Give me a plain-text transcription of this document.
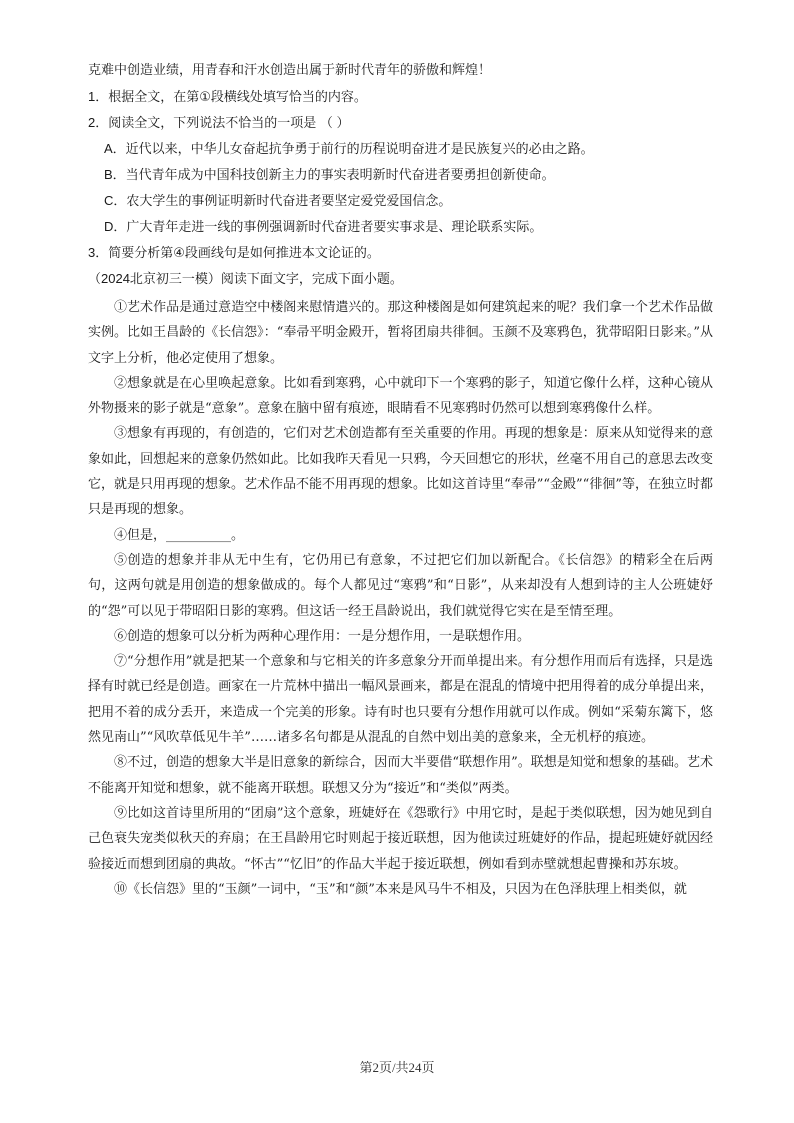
克难中创造业绩，用青春和汗水创造出属于新时代青年的骄傲和辉煌！

1．根据全文，在第①段横线处填写恰当的内容。

2．阅读全文，下列说法不恰当的一项是 （ ）

A．近代以来，中华儿女奋起抗争勇于前行的历程说明奋进才是民族复兴的必由之路。

B．当代青年成为中国科技创新主力的事实表明新时代奋进者要勇担创新使命。

C．农大学生的事例证明新时代奋进者要坚定爱党爱国信念。

D．广大青年走进一线的事例强调新时代奋进者要实事求是、理论联系实际。

3．简要分析第④段画线句是如何推进本文论证的。

（2024北京初三一模）阅读下面文字，完成下面小题。

①艺术作品是通过意造空中楼阁来慰情遣兴的。那这种楼阁是如何建筑起来的呢？我们拿一个艺术作品做实例。比如王昌龄的《长信怨》：“奉帚平明金殿开，暂将团扇共徘徊。玉颜不及寒鸦色，犹带昭阳日影来。”从文字上分析，他必定使用了想象。

②想象就是在心里唤起意象。比如看到寒鸦，心中就印下一个寒鸦的影子，知道它像什么样，这种心镜从外物摄来的影子就是“意象”。意象在脑中留有痕迹，眼睛看不见寒鸦时仍然可以想到寒鸦像什么样。

③想象有再现的，有创造的，它们对艺术创造都有至关重要的作用。再现的想象是：原来从知觉得来的意象如此，回想起来的意象仍然如此。比如我昨天看见一只鸦，今天回想它的形状，丝毫不用自己的意思去改变它，就是只用再现的想象。艺术作品不能不用再现的想象。比如这首诗里“奉帚”“金殿”“徘徊”等，在独立时都只是再现的想象。

④但是，__________。

⑤创造的想象并非从无中生有，它仍用已有意象，不过把它们加以新配合。《长信怨》的精彩全在后两句，这两句就是用创造的想象做成的。每个人都见过“寒鸦”和“日影”，从来却没有人想到诗的主人公班婕妤的“怨”可以见于带昭阳日影的寒鸦。但这话一经王昌龄说出，我们就觉得它实在是至情至理。

⑥创造的想象可以分析为两种心理作用：一是分想作用，一是联想作用。

⑦“分想作用”就是把某一个意象和与它相关的许多意象分开而单提出来。有分想作用而后有选择，只是选择有时就已经是创造。画家在一片荒林中描出一幅风景画来，都是在混乱的情境中把用得着的成分单提出来，把用不着的成分丢开，来造成一个完美的形象。诗有时也只要有分想作用就可以作成。例如“采菊东篱下，悠然见南山”“风吹草低见牛羊”……诸多名句都是从混乱的自然中划出美的意象来，全无机杼的痕迹。

⑧不过，创造的想象大半是旧意象的新综合，因而大半要借“联想作用”。联想是知觉和想象的基础。艺术不能离开知觉和想象，就不能离开联想。联想又分为“接近”和“类似”两类。

⑨比如这首诗里所用的“团扇”这个意象，班婕妤在《怨歌行》中用它时，是起于类似联想，因为她见到自己色衰失宠类似秋天的弃扇；在王昌龄用它时则起于接近联想，因为他读过班婕妤的作品，提起班婕妤就因经验接近而想到团扇的典故。“怀古”“忆旧”的作品大半起于接近联想，例如看到赤壁就想起曹操和苏东坡。

⑩《长信怨》里的“玉颜”一词中，“玉”和“颜”本来是风马牛不相及，只因为在色泽肤理上相类似，就

第2页/共24页
